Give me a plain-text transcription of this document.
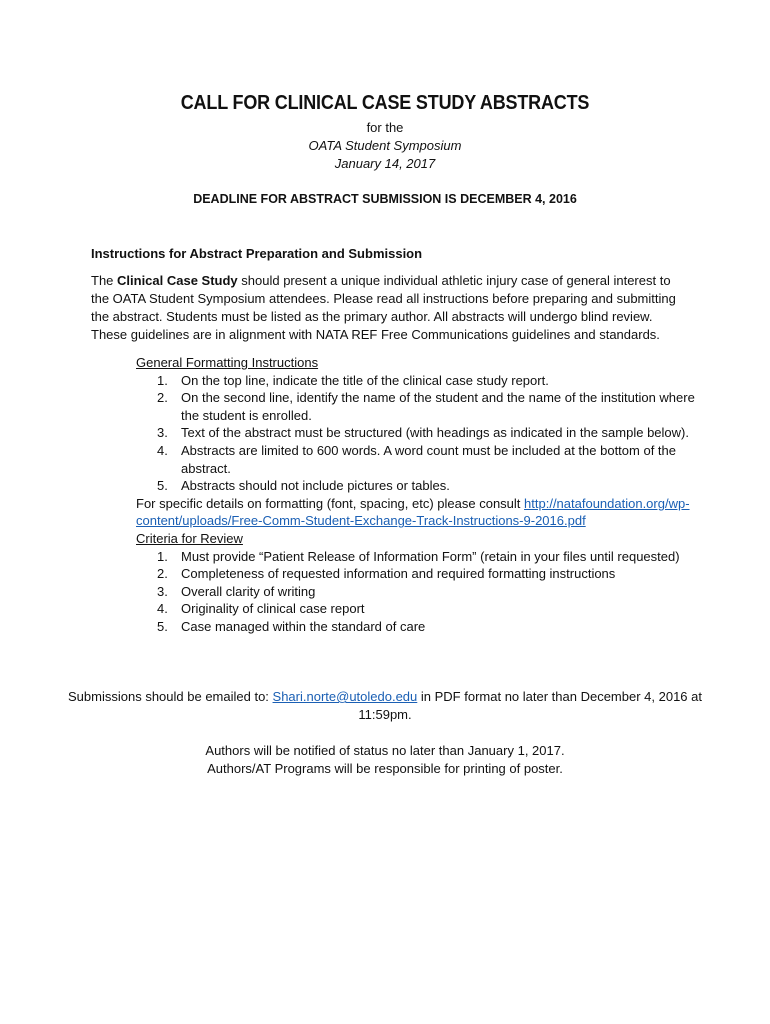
CALL FOR CLINICAL CASE STUDY ABSTRACTS
for the
OATA Student Symposium
January 14, 2017
DEADLINE FOR ABSTRACT SUBMISSION IS DECEMBER 4, 2016
Instructions for Abstract Preparation and Submission
The Clinical Case Study should present a unique individual athletic injury case of general interest to the OATA Student Symposium attendees. Please read all instructions before preparing and submitting the abstract. Students must be listed as the primary author. All abstracts will undergo blind review. These guidelines are in alignment with NATA REF Free Communications guidelines and standards.
General Formatting Instructions
1. On the top line, indicate the title of the clinical case study report.
2. On the second line, identify the name of the student and the name of the institution where the student is enrolled.
3. Text of the abstract must be structured (with headings as indicated in the sample below).
4. Abstracts are limited to 600 words. A word count must be included at the bottom of the abstract.
5. Abstracts should not include pictures or tables.
For specific details on formatting (font, spacing, etc) please consult http://natafoundation.org/wp-content/uploads/Free-Comm-Student-Exchange-Track-Instructions-9-2016.pdf
Criteria for Review
1. Must provide “Patient Release of Information Form” (retain in your files until requested)
2. Completeness of requested information and required formatting instructions
3. Overall clarity of writing
4. Originality of clinical case report
5. Case managed within the standard of care
Submissions should be emailed to: Shari.norte@utoledo.edu in PDF format no later than December 4, 2016 at
11:59pm.
Authors will be notified of status no later than January 1, 2017.
Authors/AT Programs will be responsible for printing of poster.
